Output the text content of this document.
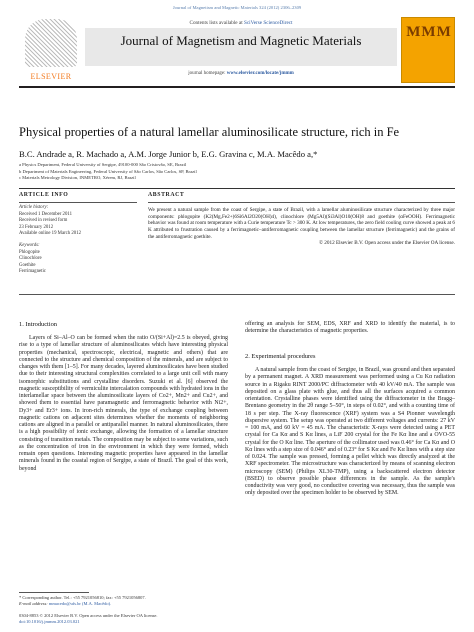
Journal of Magnetism and Magnetic Materials 324 (2012) 2306–2309
ELSEVIER
Contents lists available at SciVerse ScienceDirect
Journal of Magnetism and Magnetic Materials
journal homepage: www.elsevier.com/locate/jmmm
MMM
Physical properties of a natural lamellar aluminosilicate structure, rich in Fe
B.C. Andrade a, R. Machado a, A.M. Jorge Junior b, E.G. Gravina c, M.A. Macêdo a,*
a Physics Department, Federal University of Sergipe, 49100-000 São Cristovão, SE, Brazil
b Department of Materials Engineering, Federal University of São Carlos, São Carlos, SP, Brazil
c Materials Metrology Division, INMETRO, Xérem, RJ, Brazil
ARTICLE INFO
Article history:
Received 1 December 2011
Received in revised form
23 February 2012
Available online 19 March 2012
Keywords:
Phlogopite
Clinochlore
Goethite
Ferrimagnetic
ABSTRACT
We present a natural sample from the coast of Sergipe, a state of Brazil, with a lamellar aluminosilicate structure characterized by three major components: phlogopite (K2(Mg,Fe2+)6Si6Al2O20(OH)4), clinochlore (Mg5Al)(Si3Al)O10(OH)8 and goethite (αFeOOH). Ferrimagnetic behavior was found at room temperature with a Curie temperature Tc > 300 K. At low temperatures, the zero field cooling curve showed a peak at 6 K attributed to frustration caused by a ferrimagnetic–antiferromagnetic coupling between the lamellar structure (ferrimagnetic) and the grains of the antiferromagnetic goethite.
© 2012 Elsevier B.V. Open access under the Elsevier OA license.
1. Introduction

Layers of Si–Al–O can be formed when the ratio O/(Si+Al)=2.5 is obeyed, giving rise to a type of lamellar structure of aluminosilicates which have interesting physical properties (mechanical, spectroscopic, electrical, magnetic and others) that are connected to the structure and chemical composition of the minerals, and are subject to changes with them [1–5]. For many decades, layered aluminosilicates have been studied due to their interesting structural complexities correlated to a large unit cell with many isomorphic substitutions and crystalline disorders. Suzuki et al. [6] observed the magnetic susceptibility of vermiculite intercalation compounds with hydrated ions in the interlamellar space between the aluminosilicate layers of Co2+, Mn2+ and Cu2+, and showed them to essential have paramagnetic and ferromagnetic behavior with Ni2+, Dy3+ and Er3+ ions. In iron-rich minerals, the type of exchange coupling between magnetic cations on adjacent sites determines whether the moments of neighboring cations are aligned in a parallel or antiparallel manner. In natural aluminosilicates, there is a high possibility of ionic exchange, allowing the formation of a lamellar structure consisting of transition metals. The composition may be subject to some variations, such as the concentration of iron in the environment in which they were formed, which remain open questions. Interesting magnetic properties have appeared in the lamellar minerals found in the coastal region of Sergipe, a state of Brazil. The goal of this work, beyond

offering an analysis for SEM, EDS, XRF and XRD to identify the material, is to determine the characteristics of magnetic properties.

2. Experimental procedures

A natural sample from the coast of Sergipe, in Brazil, was ground and then separated by a permanent magnet. A XRD measurement was performed using a Cu Kα radiation source in a Rigaku RINT 2000/PC diffractometer with 40 kV/40 mA. The sample was deposited on a glass plate with glue, and thus all the surfaces acquired a common orientation. Crystalline phases were identified using the diffractometer in the Bragg–Brentano geometry in the 2θ range 5–50°, in steps of 0.02°, and with a counting time of 18 s per step. The X-ray fluorescence (XRF) system was a S4 Pionner wavelength dispersive system. The setup was operated at two different voltages and currents: 27 kV = 100 mA, and 60 kV = 45 mA. The characteristic X-rays were detected using a PET crystal for Ca Kα and S Kα lines, a LiF 200 crystal for the Fe Kα line and a OVO-55 crystal for the O Kα line. The aperture of the collimator used was 0.46° for Ca Kα and O Kα lines with a step size of 0.046° and of 0.23° for S Kα and Fe Kα lines with a step size of 0.024. The sample was pressed, forming a pellet which was directly analyzed at the XRF spectrometer. The microstructure was characterized by means of scanning electron microscopy (SEM) (Philips XL30-TMP), using a backscattered electron detector (BSED) to observe possible phase differences in the sample. As the sample's conductivity was very good, no conductive covering was necessary, thus the sample was only deposited over the specimen holder to be observed by SEM.

* Corresponding author. Tel.: +55 7921056810; fax: +55 7921056807.
E-mail address: mmacedo@ufs.br (M.A. Macêdo).
0304-8853 © 2012 Elsevier B.V. Open access under the Elsevier OA license.
doi:10.1016/j.jmmm.2012.03.021
